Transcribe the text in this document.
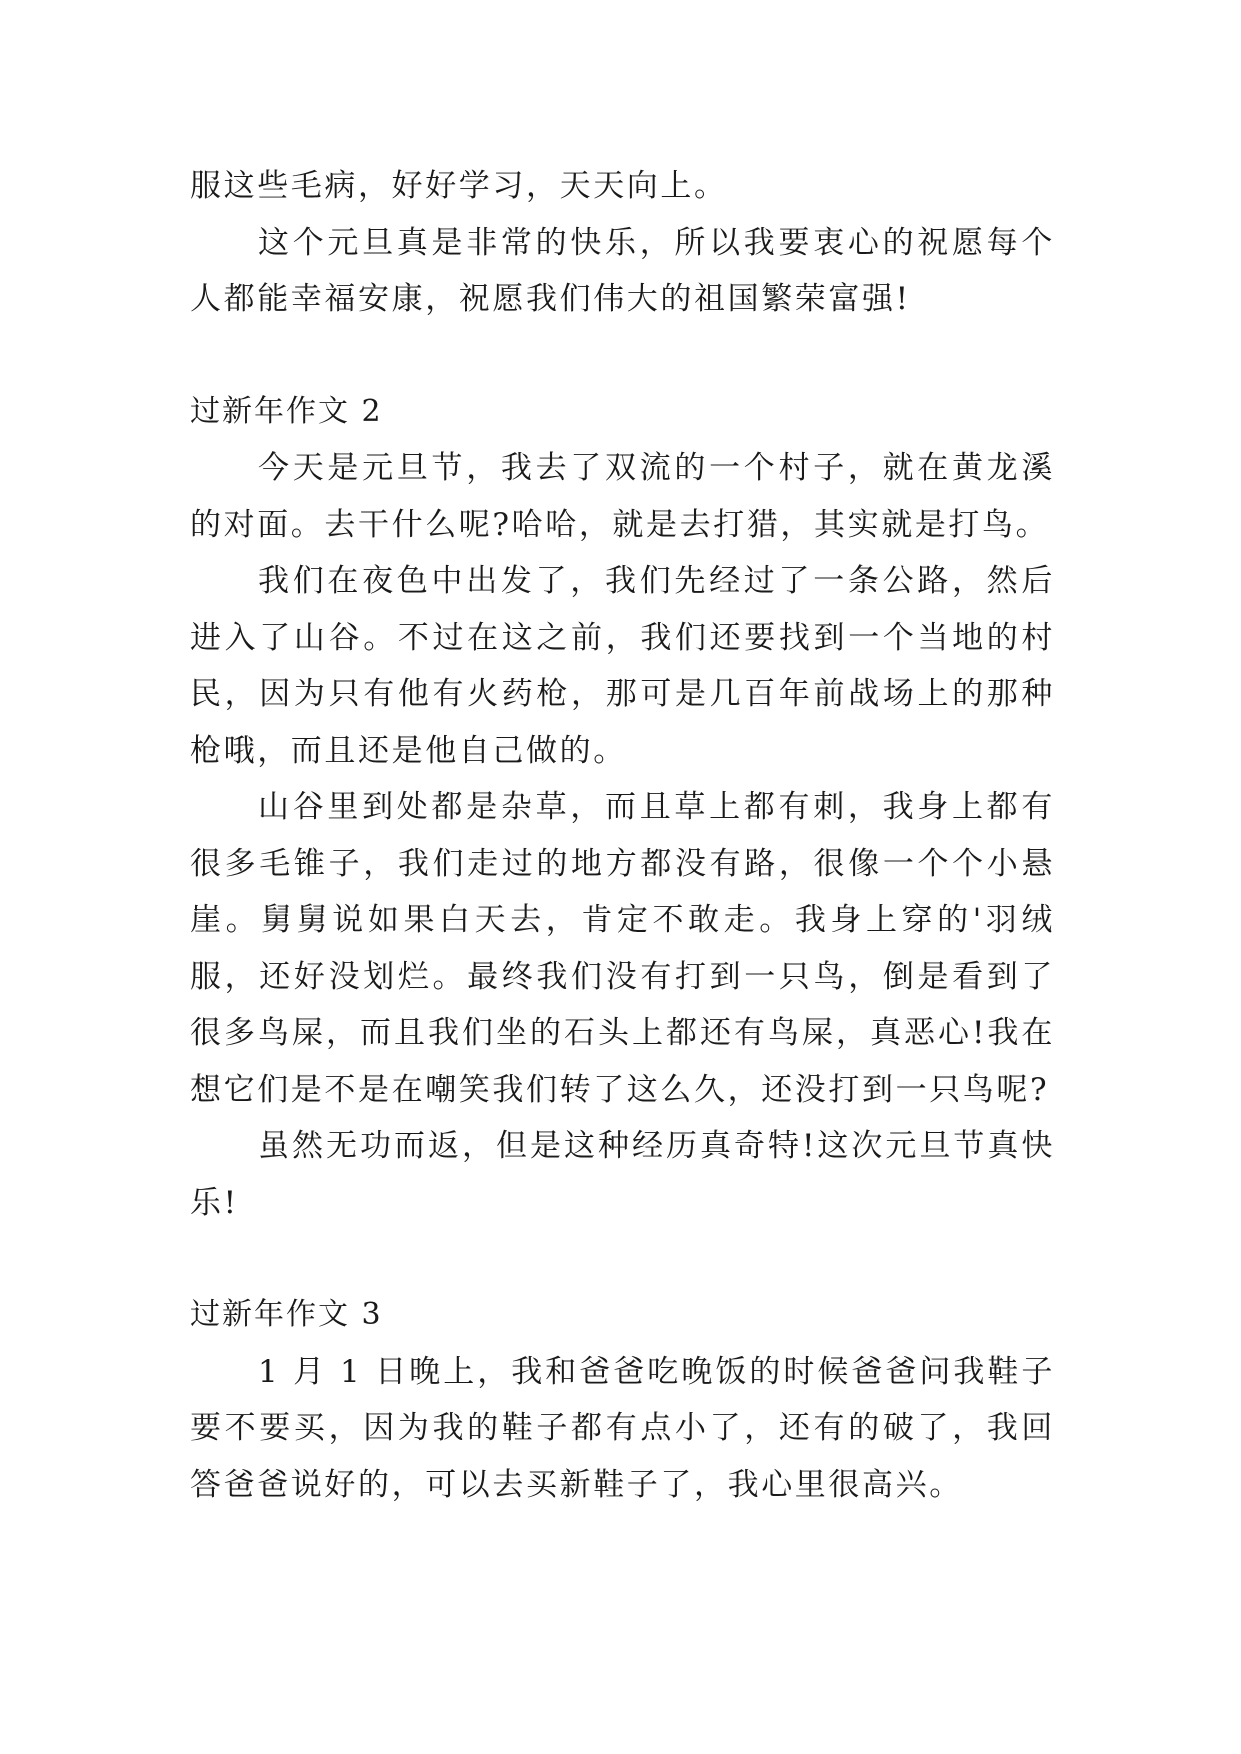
服这些毛病，好好学习，天天向上。

这个元旦真是非常的快乐，所以我要衷心的祝愿每个人都能幸福安康，祝愿我们伟大的祖国繁荣富强!

过新年作文 2

今天是元旦节，我去了双流的一个村子，就在黄龙溪的对面。去干什么呢?哈哈，就是去打猎，其实就是打鸟。

我们在夜色中出发了，我们先经过了一条公路，然后进入了山谷。不过在这之前，我们还要找到一个当地的村民，因为只有他有火药枪，那可是几百年前战场上的那种枪哦，而且还是他自己做的。

山谷里到处都是杂草，而且草上都有刺，我身上都有很多毛锥子，我们走过的地方都没有路，很像一个个小悬崖。舅舅说如果白天去，肯定不敢走。我身上穿的'羽绒服，还好没划烂。最终我们没有打到一只鸟，倒是看到了很多鸟屎，而且我们坐的石头上都还有鸟屎，真恶心!我在想它们是不是在嘲笑我们转了这么久，还没打到一只鸟呢?

虽然无功而返，但是这种经历真奇特!这次元旦节真快乐!

过新年作文 3

1 月 1 日晚上，我和爸爸吃晚饭的时候爸爸问我鞋子要不要买，因为我的鞋子都有点小了，还有的破了，我回答爸爸说好的，可以去买新鞋子了，我心里很高兴。
